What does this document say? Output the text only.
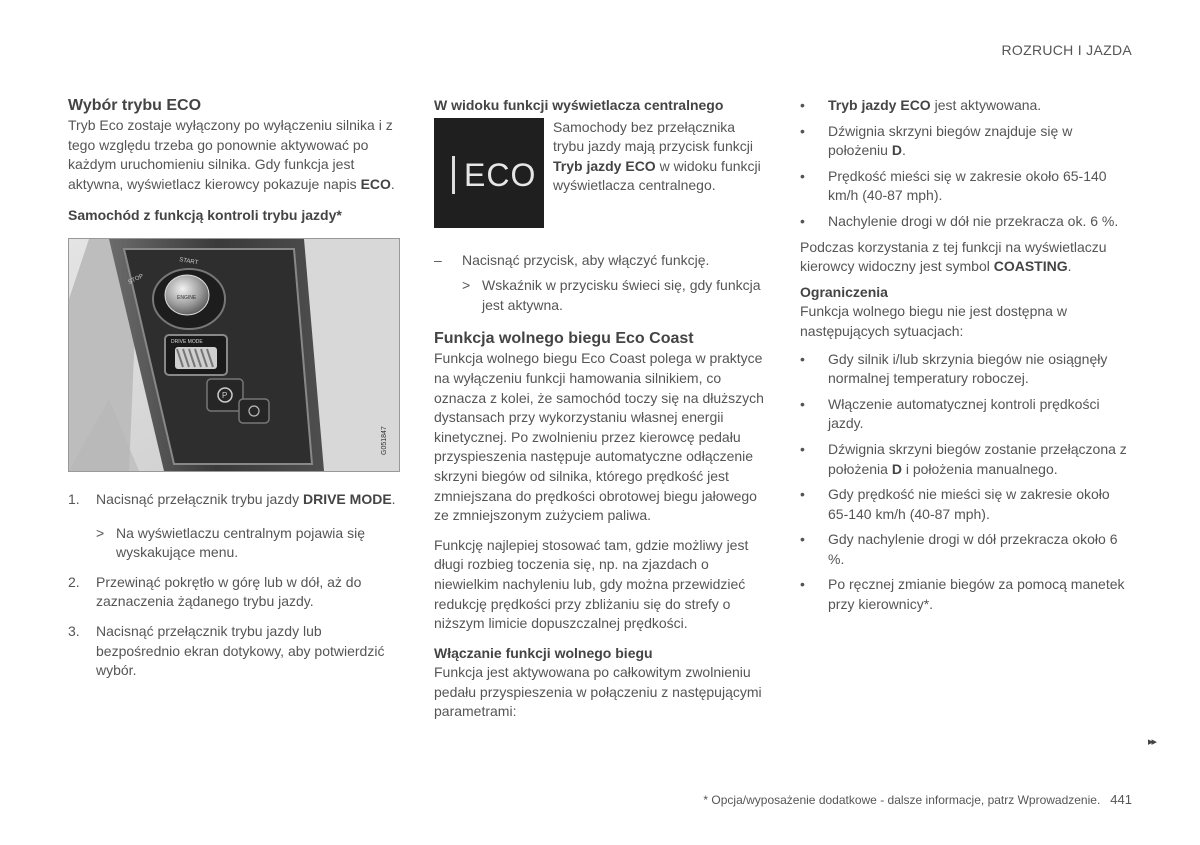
ROZRUCH I JAZDA

Wybór trybu ECO

Tryb Eco zostaje wyłączony po wyłączeniu silnika i z tego względu trzeba go ponownie aktywować po każdym uruchomieniu silnika. Gdy funkcja jest aktywna, wyświetlacz kierowcy pokazuje napis ECO.

Samochód z funkcją kontroli trybu jazdy*

STOP
START
ENGINE
DRIVE MODE
P
G051847
1. Nacisnąć przełącznik trybu jazdy DRIVE MODE.
> Na wyświetlaczu centralnym pojawia się wyskakujące menu.
2. Przewinąć pokrętło w górę lub w dół, aż do zaznaczenia żądanego trybu jazdy.
3. Nacisnąć przełącznik trybu jazdy lub bezpośrednio ekran dotykowy, aby potwierdzić wybór.

W widoku funkcji wyświetlacza centralnego

ECO

Samochody bez przełącznika trybu jazdy mają przycisk funkcji Tryb jazdy ECO w widoku funkcji wyświetlacza centralnego.

– Nacisnąć przycisk, aby włączyć funkcję.
> Wskaźnik w przycisku świeci się, gdy funkcja jest aktywna.

Funkcja wolnego biegu Eco Coast

Funkcja wolnego biegu Eco Coast polega w praktyce na wyłączeniu funkcji hamowania silnikiem, co oznacza z kolei, że samochód toczy się na dłuższych dystansach przy wykorzystaniu własnej energii kinetycznej. Po zwolnieniu przez kierowcę pedału przyspieszenia następuje automatyczne odłączenie skrzyni biegów od silnika, którego prędkość jest zmniejszana do prędkości obrotowej biegu jałowego ze zmniejszonym zużyciem paliwa.

Funkcję najlepiej stosować tam, gdzie możliwy jest długi rozbieg toczenia się, np. na zjazdach o niewielkim nachyleniu lub, gdy można przewidzieć redukcję prędkości przy zbliżaniu się do strefy o niższym limicie dopuszczalnej prędkości.

Włączanie funkcji wolnego biegu

Funkcja jest aktywowana po całkowitym zwolnieniu pedału przyspieszenia w połączeniu z następującymi parametrami:

• Tryb jazdy ECO jest aktywowana.
• Dźwignia skrzyni biegów znajduje się w położeniu D.
• Prędkość mieści się w zakresie około 65-140 km/h (40-87 mph).
• Nachylenie drogi w dół nie przekracza ok. 6 %.

Podczas korzystania z tej funkcji na wyświetlaczu kierowcy widoczny jest symbol COASTING.

Ograniczenia

Funkcja wolnego biegu nie jest dostępna w następujących sytuacjach:

• Gdy silnik i/lub skrzynia biegów nie osiągnęły normalnej temperatury roboczej.
• Włączenie automatycznej kontroli prędkości jazdy.
• Dźwignia skrzyni biegów zostanie przełączona z położenia D i położenia manualnego.
• Gdy prędkość nie mieści się w zakresie około 65-140 km/h (40-87 mph).
• Gdy nachylenie drogi w dół przekracza około 6 %.
• Po ręcznej zmianie biegów za pomocą manetek przy kierownicy*.
▸▸
* Opcja/wyposażenie dodatkowe - dalsze informacje, patrz Wprowadzenie. 441
